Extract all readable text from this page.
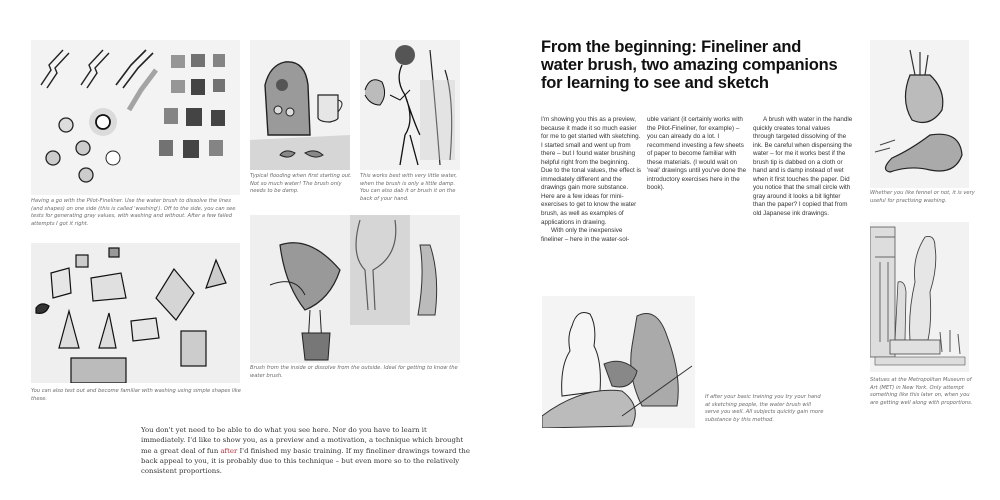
Having a go with the Pilot-Fineliner. Use the water brush to dissolve the lines (and shapes) on one side (this is called 'washing'). Off to the side, you can see tests for generating gray values, with washing and without. After a few failed attempts I got it right.
Typical flooding when first starting out. Not so much water! The brush only needs to be damp.
This works best with very little water, when the brush is only a little damp. You can also dab it or brush it on the back of your hand.
You can also test out and become familiar with washing using simple shapes like these.
Brush from the inside or dissolve from the outside. Ideal for getting to know the water brush.

You don't yet need to be able to do what you see here. Nor do you have to learn it immediately. I'd like to show you, as a preview and a motivation, a technique which brought me a great deal of fun after I'd finished my basic training. If my fineliner drawings toward the back appeal to you, it is probably due to this technique – but even more so to the relatively consistent proportions.

From the beginning: Fineliner and water brush, two amazing companions for learning to see and sketch

I'm showing you this as a preview, because it made it so much easier for me to get started with sketching. I started small and went up from there – but I found water brushing helpful right from the beginning. Due to the tonal values, the effect is immediately different and the drawings gain more substance. Here are a few ideas for mini-exercises to get to know the water brush, as well as examples of applications in drawing.

With only the inexpensive fineliner – here in the water-sol-

uble variant (it certainly works with the Pilot-Fineliner, for example) – you can already do a lot. I recommend investing a few sheets of paper to become familiar with these materials. (I would wait on 'real' drawings until you've done the introductory exercises here in the book).

A brush with water in the handle quickly creates tonal values through targeted dissolving of the ink. Be careful when dispensing the water – for me it works best if the brush tip is dabbed on a cloth or hand and is damp instead of wet when it first touches the paper. Did you notice that the small circle with gray around it looks a bit lighter than the paper? I copied that from old Japanese ink drawings.

If after your basic training you try your hand at sketching people, the water brush will serve you well. All subjects quickly gain more substance by this method.
Whether you like fennel or not, it is very useful for practising washing.
Statues at the Metropolitan Museum of Art (MET) in New York. Only attempt something like this later on, when you are getting well along with proportions.
